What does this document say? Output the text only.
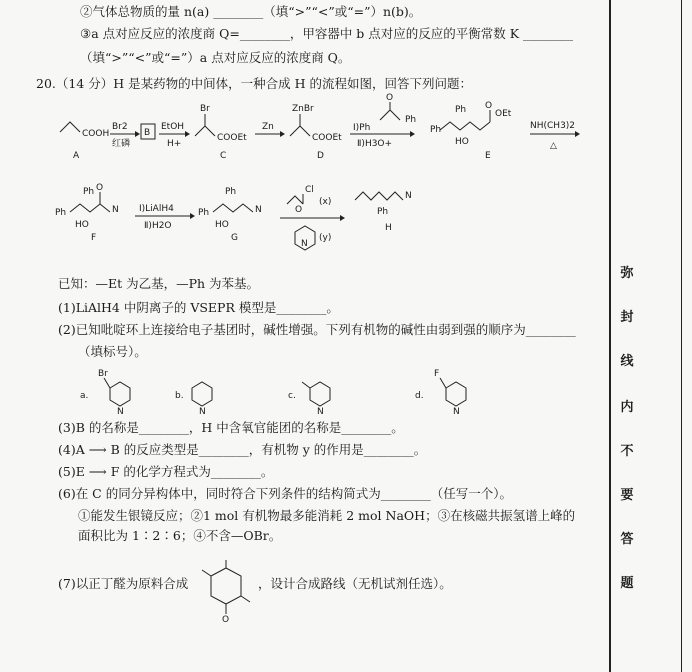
②气体总物质的量 n(a) ________（填“>”“<”或“=”）n(b)。
③a 点对应反应的浓度商 Q=________，甲容器中 b 点对应的反应的平衡常数 K ________
（填“>”“<”或“=”）a 点对应反应的浓度商 Q。
20.（14 分）H 是某药物的中间体，一种合成 H 的流程如图，回答下列问题：
COOH
A
Br2
红磷
B
EtOH
H+
Br
COOEt
C
Zn
ZnBr
COOEt
D
O
Ph
Ⅰ)Ph
Ⅱ)H3O+
O
OEt
Ph
Ph
HO
E
NH(CH3)2
△
O
N
Ph
Ph
HO
F
Ⅰ)LiAlH4
Ⅱ)H2O
N
Ph
Ph
HO
G
Cl
O
(x)
N
(y)
N
Ph
H
已知：—Et 为乙基，—Ph 为苯基。
(1)LiAlH4 中阴离子的 VSEPR 模型是________。
(2)已知吡啶环上连接给电子基团时，碱性增强。下列有机物的碱性由弱到强的顺序为________
（填标号）。
a.
N
Br
b.
N
c.
N
d.
N
F
(3)B 的名称是________，H 中含氧官能团的名称是________。
(4)A ⟶ B 的反应类型是________，有机物 y 的作用是________。
(5)E ⟶ F 的化学方程式为________。
(6)在 C 的同分异构体中，同时符合下列条件的结构简式为________（任写一个）。
①能发生银镜反应；②1 mol 有机物最多能消耗 2 mol NaOH；③在核磁共振氢谱上峰的
面积比为 1∶2∶6；④不含—OBr。
(7)以正丁醛为原料合成
O
，设计合成路线（无机试剂任选）。
弥
封
线
内
不
要
答
题
